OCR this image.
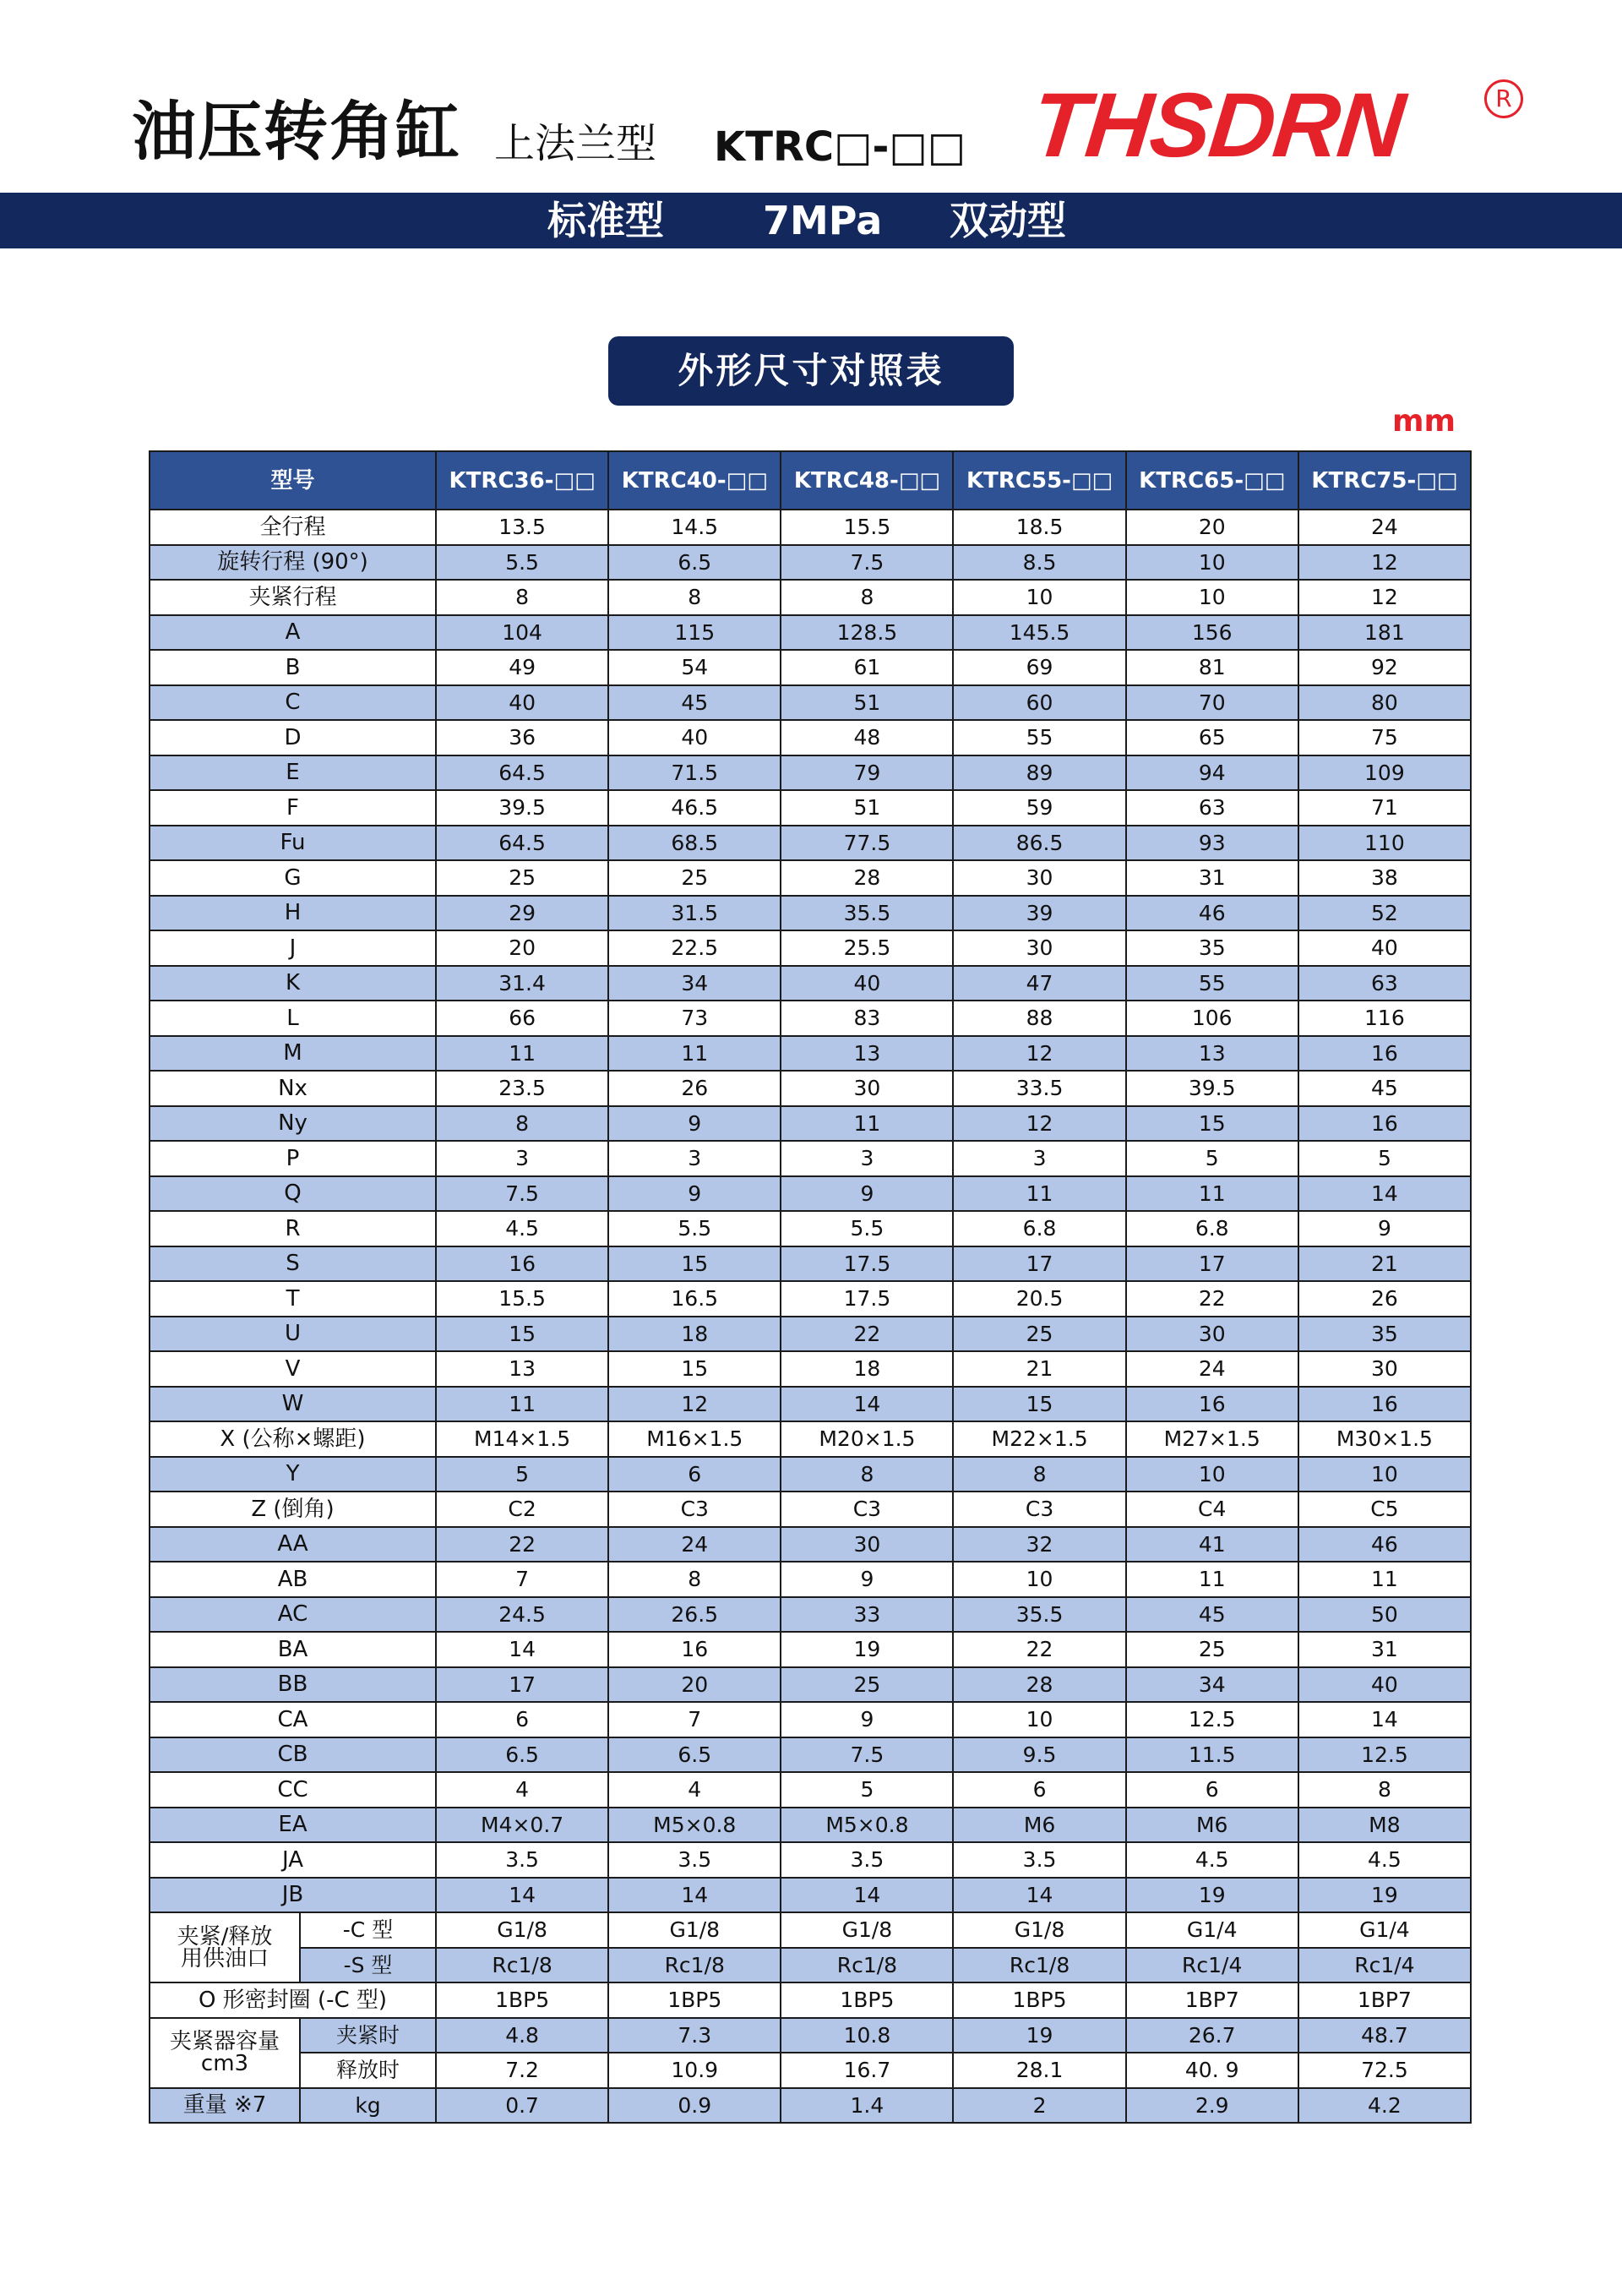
油压转角缸 上法兰型 KTRC□-□□ THSDRN	R
标准型	7MPa 双动型
外形尺寸对照表
mm
型号		KTRC36-□□	KTRC40-□□	KTRC48-□□	KTRC55-□□	KTRC65-□□	KTRC75-□□
全行程		13.5	14.5	15.5	18.5	20	24
旋转行程 (90°)		5.5	6.5	7.5	8.5	10	12
夹紧行程		8	8	8	10	10	12
A		104	115	128.5	145.5	156	181
B		49	54	61	69	81	92
C		40	45	51	60	70	80
D		36	40	48	55	65	75
E		64.5	71.5	79	89	94	109
F		39.5	46.5	51	59	63	71
Fu		64.5	68.5	77.5	86.5	93	110
G		25	25	28	30	31	38
H		29	31.5	35.5	39	46	52
J		20	22.5	25.5	30	35	40
K		31.4	34	40	47	55	63
L		66	73	83	88	106	116
M		11	11	13	12	13	16
Nx		23.5	26	30	33.5	39.5	45
Ny		8	9	11	12	15	16
P		3	3	3	3	5	5
Q		7.5	9	9	11	11	14
R		4.5	5.5	5.5	6.8	6.8	9
S		16	15	17.5	17	17	21
T		15.5	16.5	17.5	20.5	22	26
U		15	18	22	25	30	35
V		13	15	18	21	24	30
W		11	12	14	15	16	16
X (公称×螺距)		M14×1.5	M16×1.5	M20×1.5	M22×1.5	M27×1.5	M30×1.5
Y		5	6	8	8	10	10
Z (倒角)		C2	C3	C3	C3	C4	C5
AA		22	24	30	32	41	46
AB		7	8	9	10	11	11
AC		24.5	26.5	33	35.5	45	50
BA		14	16	19	22	25	31
BB		17	20	25	28	34	40
CA		6	7	9	10	12.5	14
CB		6.5	6.5	7.5	9.5	11.5	12.5
CC		4	4	5	6	6	8
EA		M4×0.7	M5×0.8	M5×0.8	M6	M6	M8
JA		3.5	3.5	3.5	3.5	4.5	4.5
JB		14	14	14	14	19	19
夹紧/释放
用供油口	-C 型	G1/8	G1/8	G1/8	G1/8	G1/4	G1/4
	-S 型	Rc1/8	Rc1/8	Rc1/8	Rc1/8	Rc1/4	Rc1/4
O 形密封圈 (-C 型)		1BP5	1BP5	1BP5	1BP5	1BP7	1BP7
夹紧器容量
cm3	夹紧时	4.8	7.3	10.8	19	26.7	48.7
	释放时	7.2	10.9	16.7	28.1	40. 9	72.5
重量 ※7	kg	0.7	0.9	1.4	2	2.9	4.2
